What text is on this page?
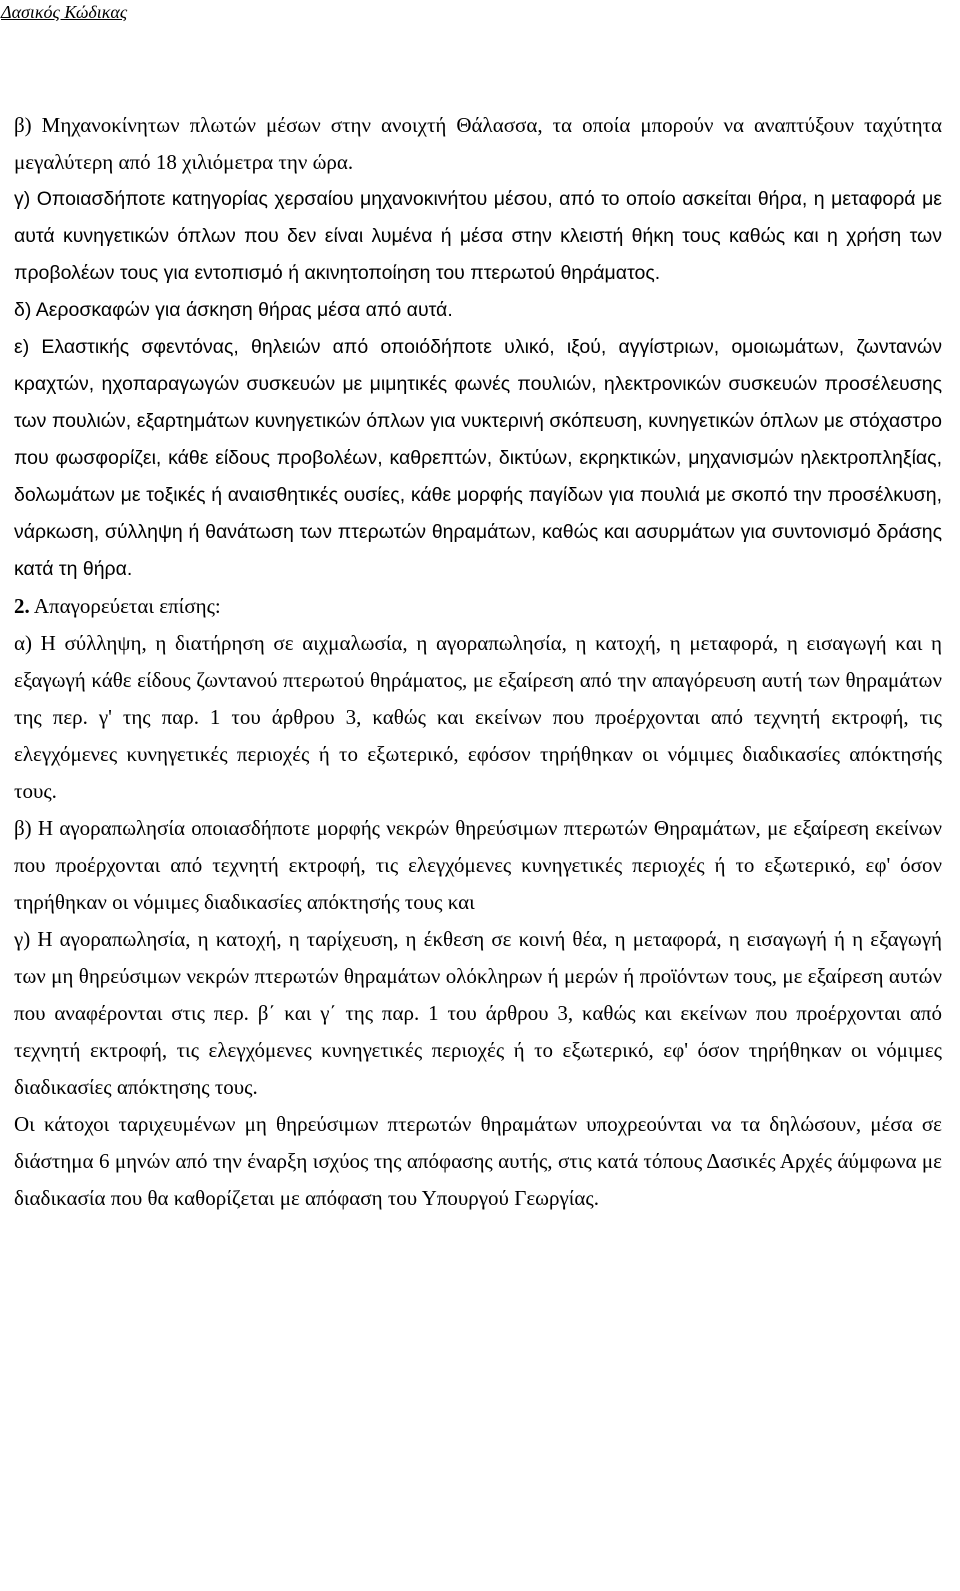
Δασικός Κώδικας

β) Μηχανοκίνητων πλωτών μέσων στην ανοιχτή Θάλασσα, τα οποία μπορούν να αναπτύξουν ταχύτητα μεγαλύτερη από 18 χιλιόμετρα την ώρα.

γ) Οποιασδήποτε κατηγορίας χερσαίου μηχανοκινήτου μέσου, από το οποίο ασκείται θήρα, η μεταφορά με αυτά κυνηγετικών όπλων που δεν είναι λυμένα ή μέσα στην κλειστή θήκη τους καθώς και η χρήση των προβολέων τους για εντοπισμό ή ακινητοποίηση του πτερωτού θηράματος.

δ) Αεροσκαφών για άσκηση θήρας μέσα από αυτά.

ε) Ελαστικής σφεντόνας, θηλειών από οποιόδήποτε υλικό, ιξού, αγγίστριων, ομοιωμάτων, ζωντανών κραχτών, ηχοπαραγωγών συσκευών με μιμητικές φωνές πουλιών, ηλεκτρονικών συσκευών προσέλευσης των πουλιών, εξαρτημάτων κυνηγετικών όπλων για νυκτερινή σκόπευση, κυνηγετικών όπλων με στόχαστρο που φωσφορίζει, κάθε είδους προβολέων, καθρεπτών, δικτύων, εκρηκτικών, μηχανισμών ηλεκτροπληξίας, δολωμάτων με τοξικές ή αναισθητικές ουσίες, κάθε μορφής παγίδων για πουλιά με σκοπό την προσέλκυση, νάρκωση, σύλληψη ή θανάτωση των πτερωτών θηραμάτων, καθώς και ασυρμάτων για συντονισμό δράσης κατά τη θήρα.

2. Απαγορεύεται επίσης:

α) Η σύλληψη, η διατήρηση σε αιχμαλωσία, η αγοραπωλησία, η κατοχή, η μεταφορά, η εισαγωγή και η εξαγωγή κάθε είδους ζωντανού πτερωτού θηράματος, με εξαίρεση από την απαγόρευση αυτή των θηραμάτων της περ. γ' της παρ. 1 του άρθρου 3, καθώς και εκείνων που προέρχονται από τεχνητή εκτροφή, τις ελεγχόμενες κυνηγετικές περιοχές ή το εξωτερικό, εφόσον τηρήθηκαν οι νόμιμες διαδικασίες απόκτησής τους.

β) Η αγοραπωλησία οποιασδήποτε μορφής νεκρών θηρεύσιμων πτερωτών Θηραμάτων, με εξαίρεση εκείνων που προέρχονται από τεχνητή εκτροφή, τις ελεγχόμενες κυνηγετικές περιοχές ή το εξωτερικό, εφ' όσον τηρήθηκαν οι νόμιμες διαδικασίες απόκτησής τους και

γ) Η αγοραπωλησία, η κατοχή, η ταρίχευση, η έκθεση σε κοινή θέα, η μεταφορά, η εισαγωγή ή η εξαγωγή των μη θηρεύσιμων νεκρών πτερωτών θηραμάτων ολόκληρων ή μερών ή προϊόντων τους, με εξαίρεση αυτών που αναφέρονται στις περ. β΄ και γ΄ της παρ. 1 του άρθρου 3, καθώς και εκείνων που προέρχονται από τεχνητή εκτροφή, τις ελεγχόμενες κυνηγετικές περιοχές ή το εξωτερικό, εφ' όσον τηρήθηκαν οι νόμιμες διαδικασίες απόκτησης τους.

Οι κάτοχοι ταριχευμένων μη θηρεύσιμων πτερωτών θηραμάτων υποχρεούνται να τα δηλώσουν, μέσα σε διάστημα 6 μηνών από την έναρξη ισχύος της απόφασης αυτής, στις κατά τόπους Δασικές Αρχές άύμφωνα με διαδικασία που θα καθορίζεται με απόφαση του Υπουργού Γεωργίας.
